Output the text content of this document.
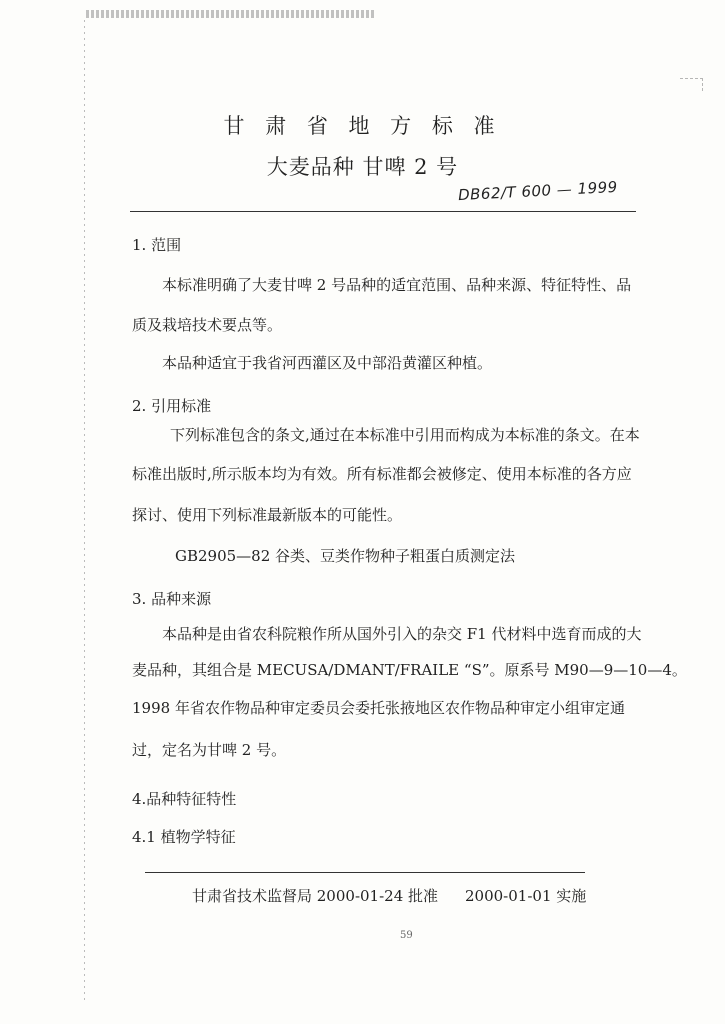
甘 肃 省 地 方 标 准
大麦品种 甘啤 2 号
DB62/T 600 — 1999
1. 范围
本标准明确了大麦甘啤 2 号品种的适宜范围、品种来源、特征特性、品
质及栽培技术要点等。
本品种适宜于我省河西灌区及中部沿黄灌区种植。
2. 引用标准
下列标准包含的条文,通过在本标准中引用而构成为本标准的条文。在本
标准出版时,所示版本均为有效。所有标准都会被修定、使用本标准的各方应
探讨、使用下列标准最新版本的可能性。
GB2905—82 谷类、豆类作物种子粗蛋白质测定法
3. 品种来源
本品种是由省农科院粮作所从国外引入的杂交 F1 代材料中选育而成的大
麦品种，其组合是 MECUSA/DMANT/FRAILE “S”。原系号 M90—9—10—4。
1998 年省农作物品种审定委员会委托张掖地区农作物品种审定小组审定通
过，定名为甘啤 2 号。
4.品种特征特性
4.1 植物学特征
甘肃省技术监督局 2000-01-24 批准 2000-01-01 实施
59
